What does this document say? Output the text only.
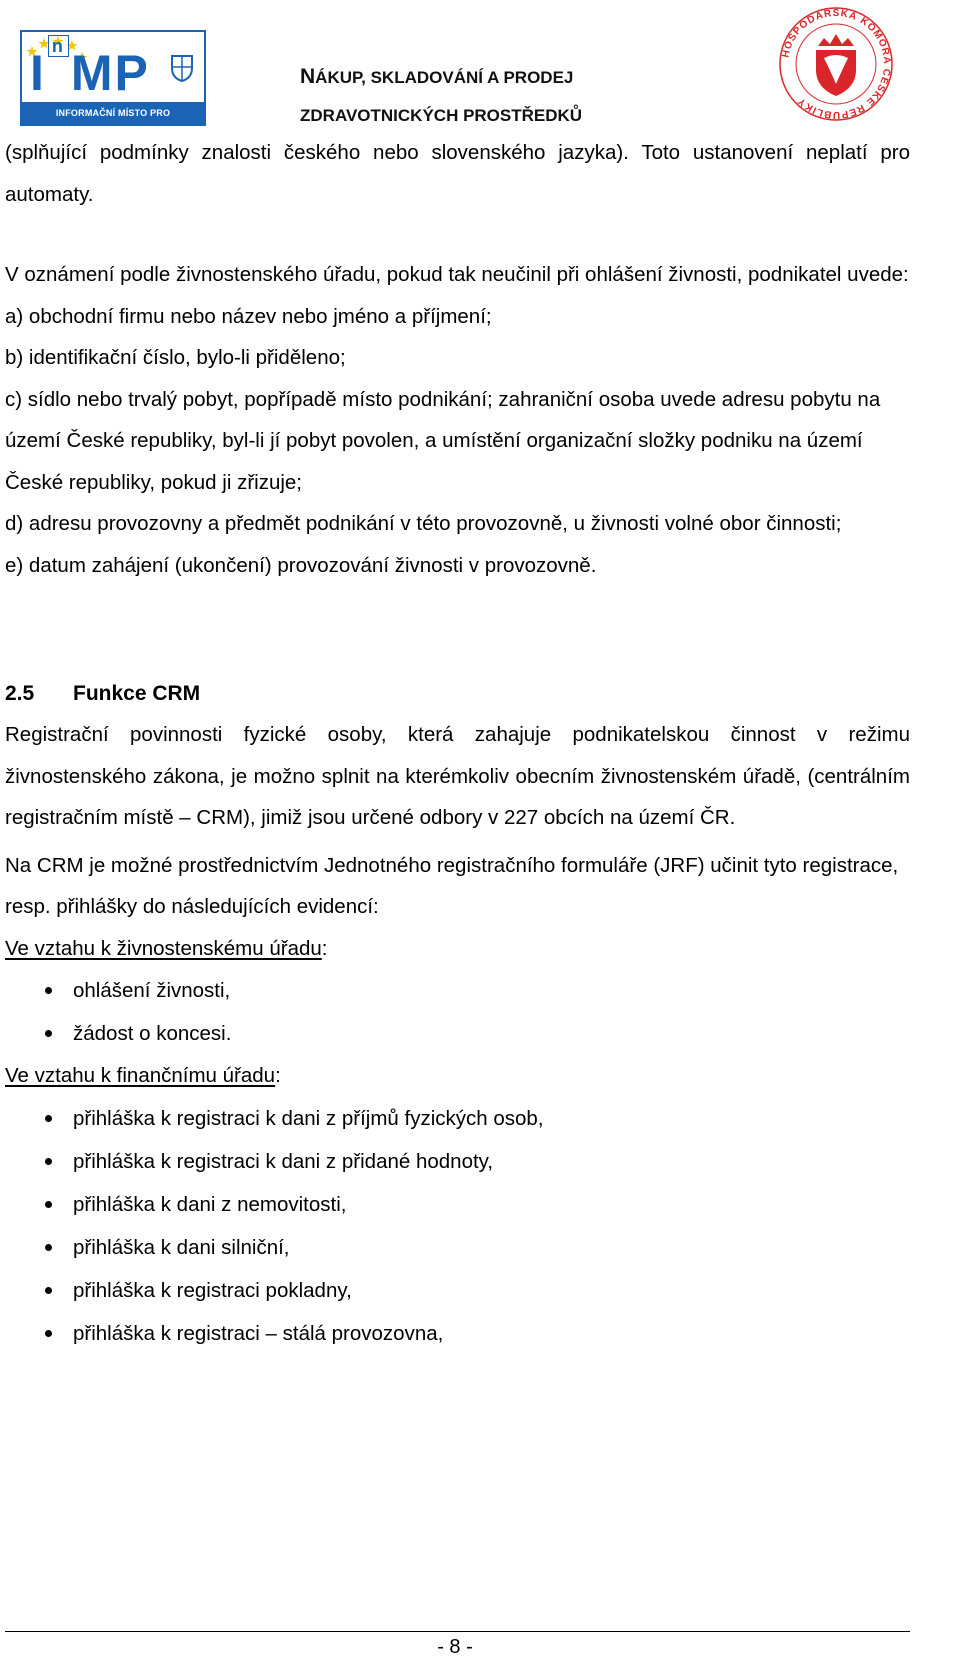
I $^n$ MP
INFORMAČNÍ MÍSTO PRO PODNIKATELE
NÁKUP, SKLADOVÁNÍ A PRODEJ
ZDRAVOTNICKÝCH PROSTŘEDKŮ
HOSPODÁŘSKÁ KOMORA ČESKÉ REPUBLIKY

(splňující podmínky znalosti českého nebo slovenského jazyka). Toto ustanovení neplatí pro automaty.

V oznámení podle živnostenského úřadu, pokud tak neučinil při ohlášení živnosti, podnikatel uvede:

a) obchodní firmu nebo název nebo jméno a příjmení;

b) identifikační číslo, bylo-li přiděleno;

c) sídlo nebo trvalý pobyt, popřípadě místo podnikání; zahraniční osoba uvede adresu pobytu na území České republiky, byl-li jí pobyt povolen, a umístění organizační složky podniku na území České republiky, pokud ji zřizuje;

d) adresu provozovny a předmět podnikání v této provozovně, u živnosti volné obor činnosti;

e) datum zahájení (ukončení) provozování živnosti v provozovně.

2.5 Funkce CRM

Registrační povinnosti fyzické osoby, která zahajuje podnikatelskou činnost v režimu živnostenského zákona, je možno splnit na kterémkoliv obecním živnostenském úřadě, (centrálním registračním místě – CRM), jimiž jsou určené odbory v 227 obcích na území ČR.

Na CRM je možné prostřednictvím Jednotného registračního formuláře (JRF) učinit tyto registrace, resp. přihlášky do následujících evidencí:

Ve vztahu k živnostenskému úřadu:

ohlášení živnosti,
žádost o koncesi.

Ve vztahu k finančnímu úřadu:

přihláška k registraci k dani z příjmů fyzických osob,
přihláška k registraci k dani z přidané hodnoty,
přihláška k dani z nemovitosti,
přihláška k dani silniční,
přihláška k registraci pokladny,
přihláška k registraci – stálá provozovna,
- 8 -
